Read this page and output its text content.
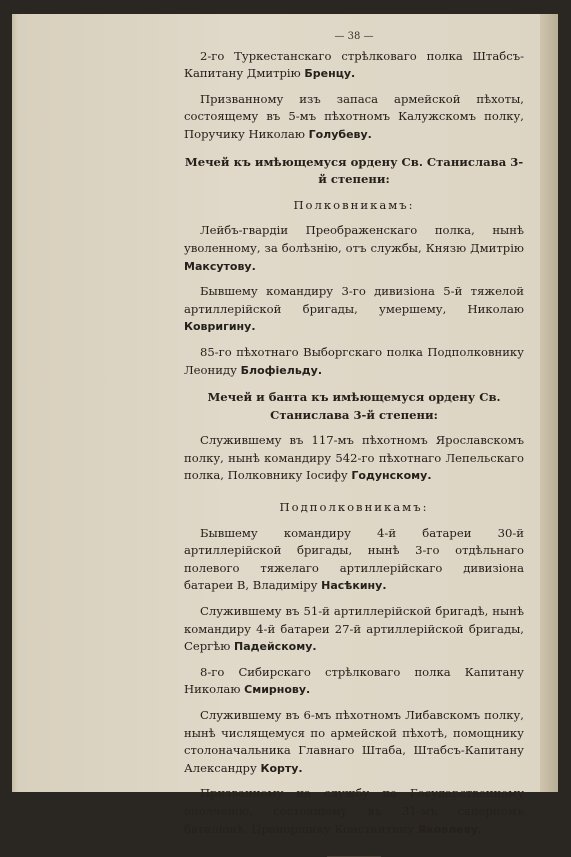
— 38 —

2-го Туркестанскаго стрѣлковаго полка Штабсъ-Капитану Дмитрію Бренцу.

Призванному изъ запаса армейской пѣхоты, состоящему въ 5-мъ пѣхотномъ Калужскомъ полку, Поручику Николаю Голубеву.

Мечей къ имѣющемуся ордену Св. Станислава 3-й степени:

Полковникамъ:

Лейбъ-гвардіи Преображенскаго полка, нынѣ уволенному, за болѣзнію, отъ службы, Князю Дмитрію Максутову.

Бывшему командиру 3-го дивизіона 5-й тяжелой артиллерійской бригады, умершему, Николаю Ковригину.

85-го пѣхотнаго Выборгскаго полка Подполковнику Леониду Блофіельду.

Мечей и банта къ имѣющемуся ордену Св. Станислава 3-й степени:

Служившему въ 117-мъ пѣхотномъ Ярославскомъ полку, нынѣ командиру 542-го пѣхотнаго Лепельскаго полка, Полковнику Іосифу Годунскому.

Подполковникамъ:

Бывшему командиру 4-й батареи 30-й артиллерійской бригады, нынѣ 3-го отдѣльнаго полевого тяжелаго артиллерійскаго дивизіона батареи В, Владиміру Насѣкину.

Служившему въ 51-й артиллерійской бригадѣ, нынѣ командиру 4-й батареи 27-й артиллерійской бригады, Сергѣю Падейскому.

8-го Сибирскаго стрѣлковаго полка Капитану Николаю Смирнову.

Служившему въ 6-мъ пѣхотномъ Либавскомъ полку, нынѣ числящемуся по армейской пѣхотѣ, помощнику столоначальника Главнаго Штаба, Штабсъ-Капитану Александру Корту.

Призванному на службу по Государственному ополченію, состоящему въ 31-мъ саперномъ баталіонѣ, Прапорщику Константину Яковлеву.
